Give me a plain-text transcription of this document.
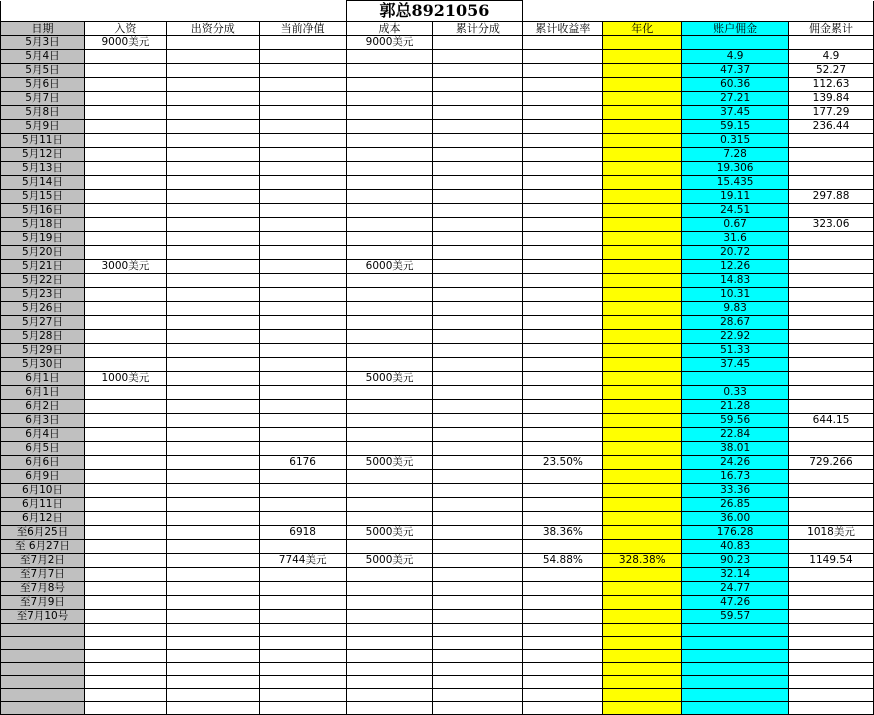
				郭总8921056					
日期	入资	出资分成	当前净值	成本	累计分成	累计收益率	年化	账户佣金	佣金累计
5月3日	9000美元			9000美元					
5月4日								4.9	4.9
5月5日								47.37	52.27
5月6日								60.36	112.63
5月7日								27.21	139.84
5月8日								37.45	177.29
5月9日								59.15	236.44
5月11日								0.315	
5月12日								7.28	
5月13日								19.306	
5月14日								15.435	
5月15日								19.11	297.88
5月16日								24.51	
5月18日								0.67	323.06
5月19日								31.6	
5月20日								20.72	
5月21日	3000美元			6000美元				12.26	
5月22日								14.83	
5月23日								10.31	
5月26日								9.83	
5月27日								28.67	
5月28日								22.92	
5月29日								51.33	
5月30日								37.45	
6月1日	1000美元			5000美元					
6月1日								0.33	
6月2日								21.28	
6月3日								59.56	644.15
6月4日								22.84	
6月5日								38.01	
6月6日			6176	5000美元		23.50%		24.26	729.266
6月9日								16.73	
6月10日								33.36	
6月11日								26.85	
6月12日								36.00	
至6月25日			6918	5000美元		38.36%		176.28	1018美元
至 6月27日								40.83	
至7月2日			7744美元	5000美元		54.88%	328.38%	90.23	1149.54
至7月7日								32.14	
至7月8号								24.77	
至7月9日								47.26	
至7月10号								59.57	
